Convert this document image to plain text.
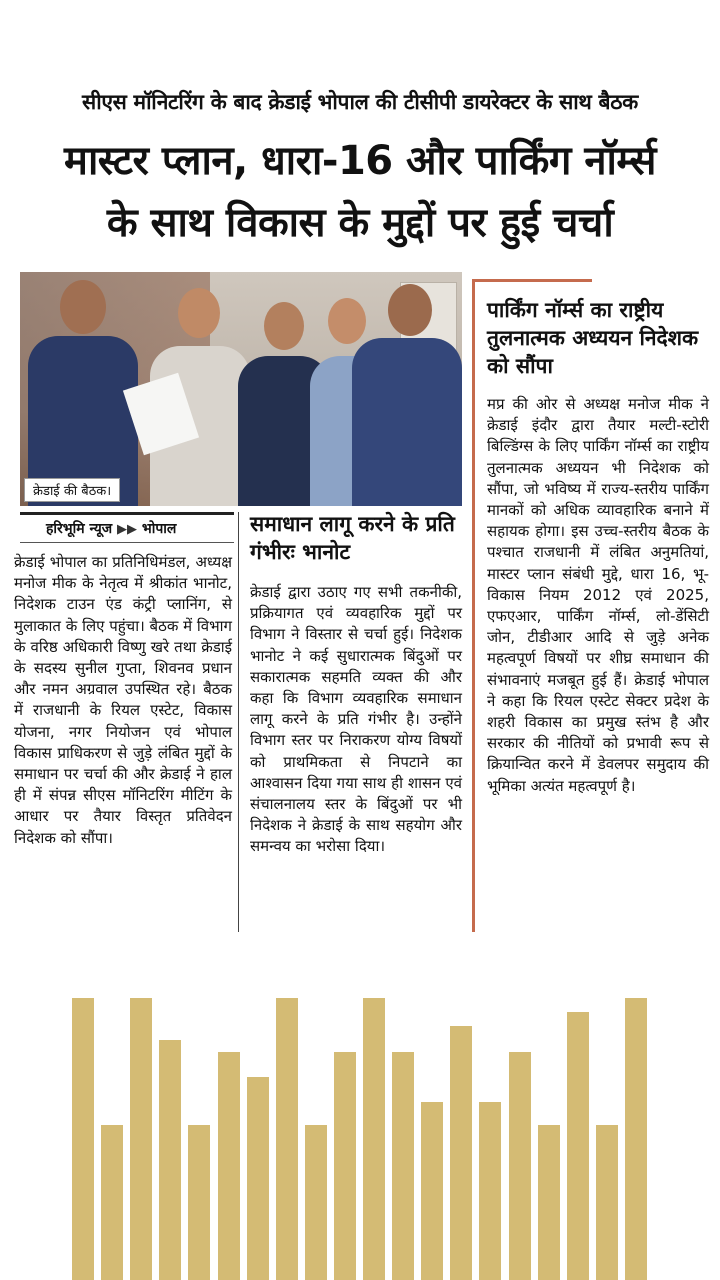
सीएस मॉनिटरिंग के बाद क्रेडाई भोपाल की टीसीपी डायरेक्टर के साथ बैठक
मास्टर प्लान, धारा-16 और पार्किंग नॉर्म्स
के साथ विकास के मुद्दों पर हुई चर्चा
क्रेडाई की बैठक।
हरिभूमि न्यूज ▶▶ भोपाल
क्रेडाई भोपाल का प्रतिनिधिमंडल, अध्यक्ष मनोज मीक के नेतृत्व में श्रीकांत भानोट, निदेशक टाउन एंड कंट्री प्लानिंग, से मुलाकात के लिए पहुंचा। बैठक में विभाग के वरिष्ठ अधिकारी विष्णु खरे तथा क्रेडाई के सदस्य सुनील गुप्ता, शिवनव प्रधान और नमन अग्रवाल उपस्थित रहे। बैठक में राजधानी के रियल एस्टेट, विकास योजना, नगर नियोजन एवं भोपाल विकास प्राधिकरण से जुड़े लंबित मुद्दों के समाधान पर चर्चा की और क्रेडाई ने हाल ही में संपन्न सीएस मॉनिटरिंग मीटिंग के आधार पर तैयार विस्तृत प्रतिवेदन निदेशक को सौंपा।
समाधान लागू करने के प्रति गंभीरः भानोट
क्रेडाई द्वारा उठाए गए सभी तकनीकी, प्रक्रियागत एवं व्यवहारिक मुद्दों पर विभाग ने विस्तार से चर्चा हुई। निदेशक भानोट ने कई सुधारात्मक बिंदुओं पर सकारात्मक सहमति व्यक्त की और कहा कि विभाग व्यवहारिक समाधान लागू करने के प्रति गंभीर है। उन्होंने विभाग स्तर पर निराकरण योग्य विषयों को प्राथमिकता से निपटाने का आश्वासन दिया गया साथ ही शासन एवं संचालनालय स्तर के बिंदुओं पर भी निदेशक ने क्रेडाई के साथ सहयोग और समन्वय का भरोसा दिया।
पार्किंग नॉर्म्स का राष्ट्रीय तुलनात्मक अध्ययन निदेशक को सौंपा
मप्र की ओर से अध्यक्ष मनोज मीक ने क्रेडाई इंदौर द्वारा तैयार मल्टी-स्टोरी बिल्डिंग्स के लिए पार्किंग नॉर्म्स का राष्ट्रीय तुलनात्मक अध्ययन भी निदेशक को सौंपा, जो भविष्य में राज्य-स्तरीय पार्किंग मानकों को अधिक व्यावहारिक बनाने में सहायक होगा। इस उच्च-स्तरीय बैठक के पश्चात राजधानी में लंबित अनुमतियां, मास्टर प्लान संबंधी मुद्दे, धारा 16, भू-विकास नियम 2012 एवं 2025, एफएआर, पार्किंग नॉर्म्स, लो-डेंसिटी जोन, टीडीआर आदि से जुड़े अनेक महत्वपूर्ण विषयों पर शीघ्र समाधान की संभावनाएं मजबूत हुई हैं। क्रेडाई भोपाल ने कहा कि रियल एस्टेट सेक्टर प्रदेश के शहरी विकास का प्रमुख स्तंभ है और सरकार की नीतियों को प्रभावी रूप से क्रियान्वित करने में डेवलपर समुदाय की भूमिका अत्यंत महत्वपूर्ण है।
